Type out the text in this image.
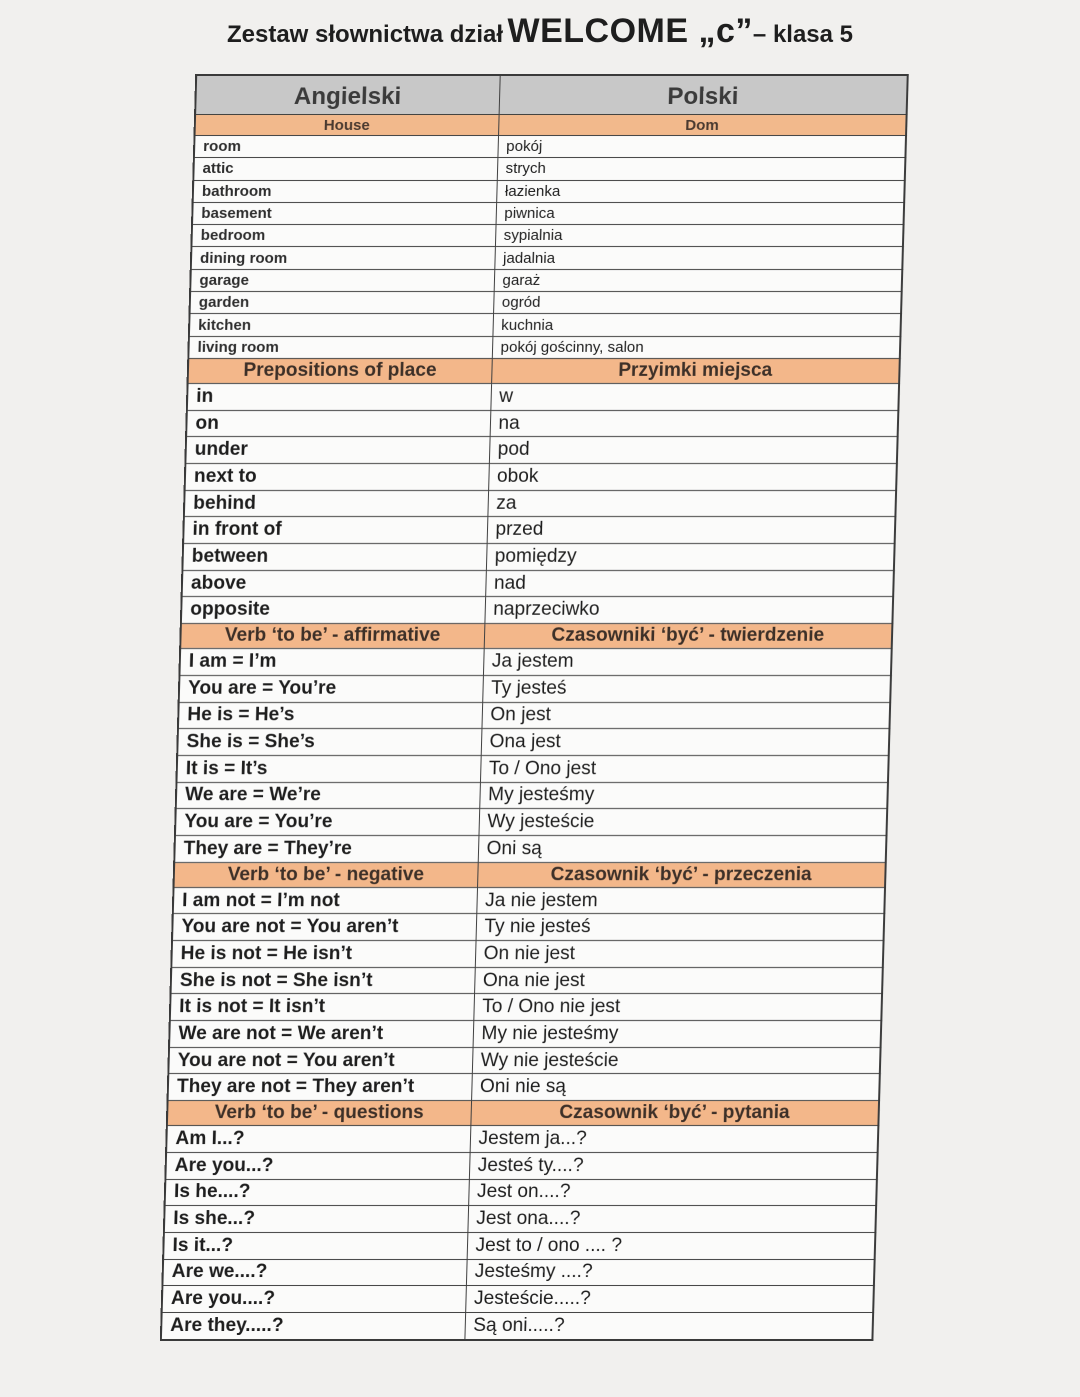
Zestaw słownictwa dział WELCOME „c”– klasa 5
Angielski	Polski
House	Dom
room	pokój
attic	strych
bathroom	łazienka
basement	piwnica
bedroom	sypialnia
dining room	jadalnia
garage	garaż
garden	ogród
kitchen	kuchnia
living room	pokój gościnny, salon
Prepositions of place	Przyimki miejsca
in	w
on	na
under	pod
next to	obok
behind	za
in front of	przed
between	pomiędzy
above	nad
opposite	naprzeciwko
Verb ‘to be’ - affirmative	Czasowniki ‘być’ - twierdzenie
I am = I’m	Ja jestem
You are = You’re	Ty jesteś
He is = He’s	On jest
She is = She’s	Ona jest
It is = It’s	To / Ono jest
We are = We’re	My jesteśmy
You are = You’re	Wy jesteście
They are = They’re	Oni są
Verb ‘to be’ - negative	Czasownik ‘być’ - przeczenia
I am not = I’m not	Ja nie jestem
You are not = You aren’t	Ty nie jesteś
He is not = He isn’t	On nie jest
She is not = She isn’t	Ona nie jest
It is not = It isn’t	To / Ono nie jest
We are not = We aren’t	My nie jesteśmy
You are not = You aren’t	Wy nie jesteście
They are not = They aren’t	Oni nie są
Verb ‘to be’ - questions	Czasownik ‘być’ - pytania
Am I...?	Jestem ja...?
Are you...?	Jesteś ty....?
Is he....?	Jest on....?
Is she...?	Jest ona....?
Is it...?	Jest to / ono .... ?
Are we....?	Jesteśmy ....?
Are you....?	Jesteście.....?
Are they.....?	Są oni.....?
